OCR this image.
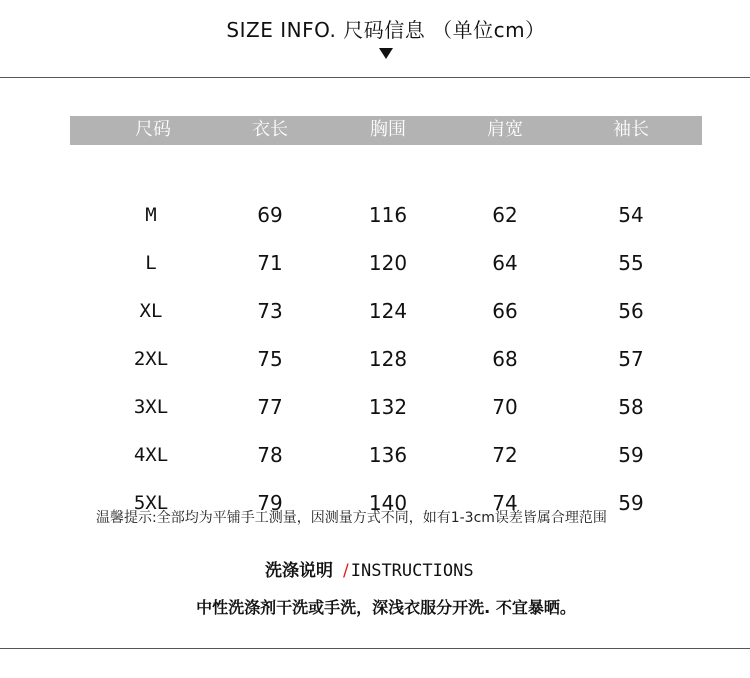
SIZE INFO. 尺码信息 （单位cm）
尺码	衣长	胸围	肩宽	袖长
M	69	116	62	54
L	71	120	64	55
XL	73	124	66	56
2XL	75	128	68	57
3XL	77	132	70	58
4XL	78	136	72	59
5XL	79	140	74	59
温馨提示:全部均为平铺手工测量，因测量方式不同，如有1-3cm误差皆属合理范围
洗涤说明 / INSTRUCTIONS
中性洗涤剂干洗或手洗，深浅衣服分开洗. 不宜暴晒。
